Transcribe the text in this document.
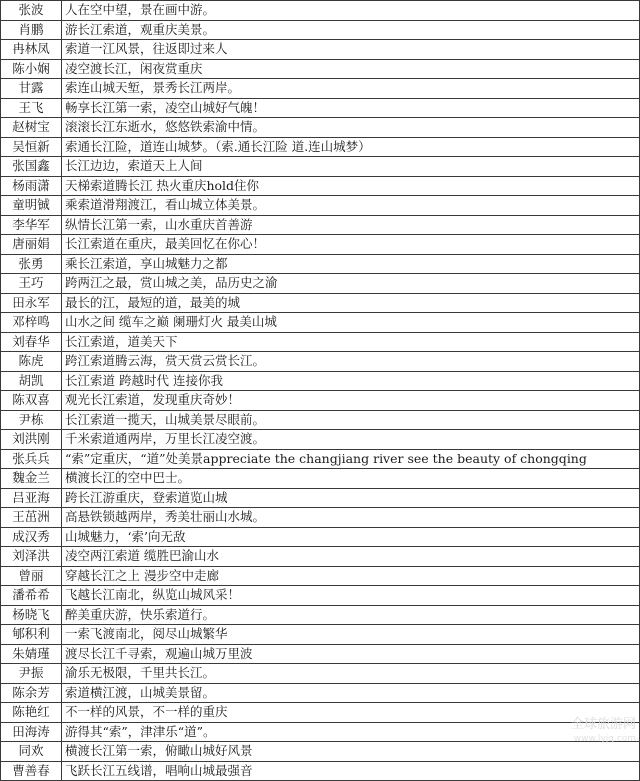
张波	人在空中望，景在画中游。
肖鹏	游长江索道，观重庆美景。
冉林凤	索道一江风景，往返即过来人
陈小娴	凌空渡长江，闲夜赏重庆
甘露	索连山城天堑，景秀长江两岸。
王飞	畅享长江第一索，凌空山城好气魄！
赵树宝	滚滚长江东逝水，悠悠铁索渝中情。
吴恒新	索通长江险，道连山城梦。（索.通长江险 道.连山城梦）
张国鑫	长江边边，索道天上人间
杨雨潇	天梯索道腾长江 热火重庆hold住你
童明铖	乘索道滑翔渡江，看山城立体美景。
李华军	纵情长江第一索，山水重庆首善游
唐丽娟	长江索道在重庆，最美回忆在你心！
张勇	乘长江索道，享山城魅力之都
王巧	跨两江之最，赏山城之美，品历史之渝
田永军	最长的江，最短的道，最美的城
邓梓鸣	山水之间 缆车之巅 阑珊灯火 最美山城
刘春华	长江索道，道美天下
陈虎	跨江索道腾云海，赏天赏云赏长江。
胡凯	长江索道 跨越时代 连接你我
陈双喜	观光长江索道，发现重庆奇妙！
尹栋	长江索道一揽天，山城美景尽眼前。
刘洪刚	千米索道通两岸，万里长江凌空渡。
张兵兵	“索”定重庆，“道”处美景appreciate the changjiang river see the beauty of chongqing
魏金兰	横渡长江的空中巴士。
吕亚海	跨长江游重庆，登索道览山城
王茁洲	高悬铁锁越两岸，秀美壮丽山水城。
成汉秀	山城魅力，‘索’向无敌
刘泽洪	凌空两江索道 缆胜巴渝山水
曾丽	穿越长江之上 漫步空中走廊
潘希希	飞越长江南北，纵览山城风采！
杨晓飞	醉美重庆游，快乐索道行。
郇积利	一索飞渡南北，阅尽山城繁华
朱婧瑾	渡尽长江千寻索，观遍山城万里波
尹振	渝乐无极限，千里共长江。
陈余芳	索道横江渡，山城美景留。
陈艳红	不一样的风景，不一样的重庆
田海涛	游得其“索”，津津乐“道”。
同欢	横渡长江第一索，俯瞰山城好风景
曹善春	飞跃长江五线谱，唱响山城最强音
全球旅游网
www.lyjq.com
